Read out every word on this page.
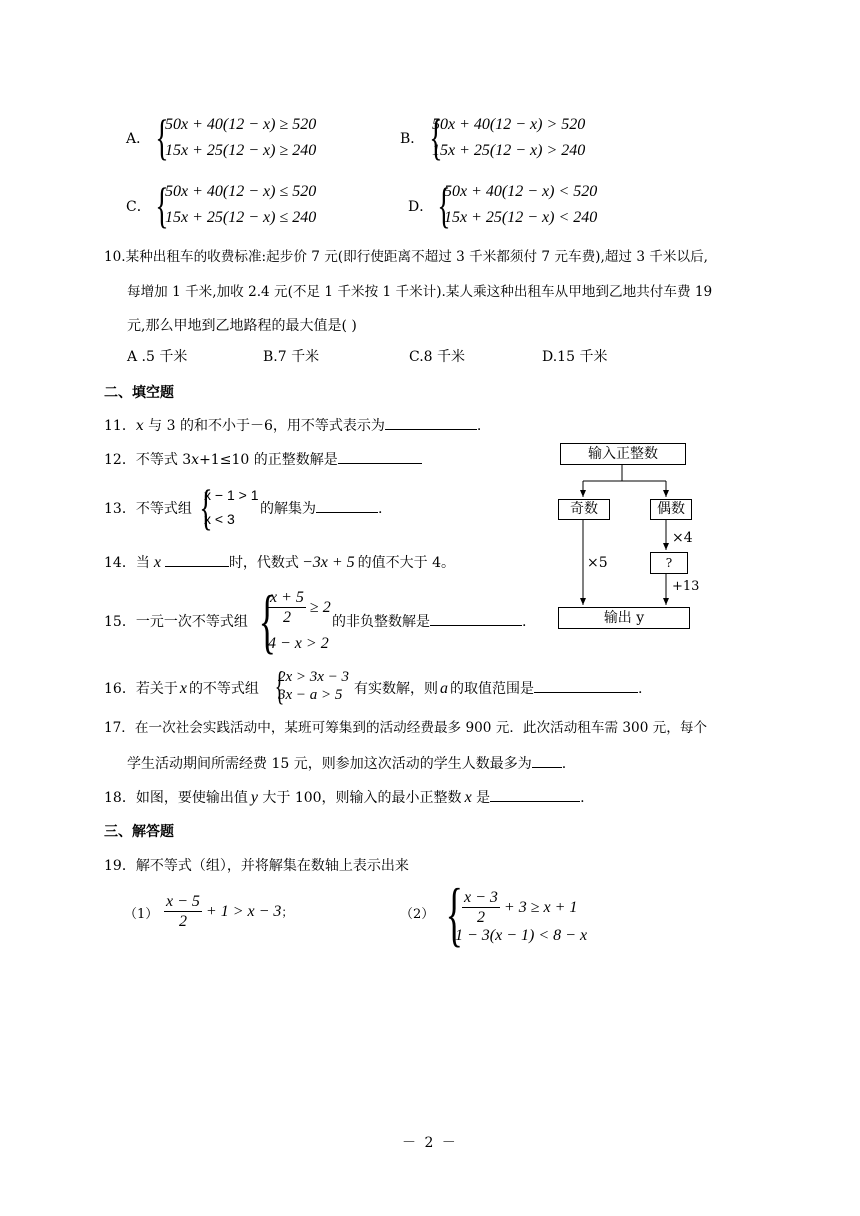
A． {
50x + 40(12 − x) ≥ 520
15x + 25(12 − x) ≥ 240
B． {
50x + 40(12 − x) > 520
15x + 25(12 − x) > 240
C． {
50x + 40(12 − x) ≤ 520
15x + 25(12 − x) ≤ 240
D． {
50x + 40(12 − x) < 520
15x + 25(12 − x) < 240
10.某种出租车的收费标准:起步价 7 元(即行使距离不超过 3 千米都须付 7 元车费),超过 3 千米以后,
每增加 1 千米,加收 2.4 元(不足 1 千米按 1 千米计).某人乘这种出租车从甲地到乙地共付车费 19
元,那么甲地到乙地路程的最大值是( )
A .5 千米	B.7 千米	C.8 千米	D.15 千米
二、填空题
11．x 与 3 的和不小于－6，用不等式表示为	.
12．不等式 3x+1≤10 的正整数解是
13．不等式组 {
x − 1 > 1
x < 3
的解集为	.
14．当 x	时，代数式 −3x + 5 的值不大于 4。
15．一元一次不等式组 {
$\frac{x + 5}{2} \ge 2$
4 − x > 2
的非负整数解是	.
16．若关于 x 的不等式组 {
2x > 3x − 3
3x − a > 5 有实数解，则 a 的取值范围是	.
17．在一次社会实践活动中，某班可筹集到的活动经费最多 900 元．此次活动租车需 300 元，每个
学生活动期间所需经费 15 元，则参加这次活动的学生人数最多为 .
18．如图，要使输出值 y 大于 100，则输入的最小正整数 x 是	.
三、解答题
19．解不等式（组），并将解集在数轴上表示出来
$(1) \frac{x - 5}{2} + 1 > x - 3$；	（2） { $\frac{x - 3}{2} + 3 \ge x + 1$
1 − 3(x − 1) < 8 − x
输入正整数
奇数	偶数
×5
×4
?
+13
输出 y
－ 2 －
